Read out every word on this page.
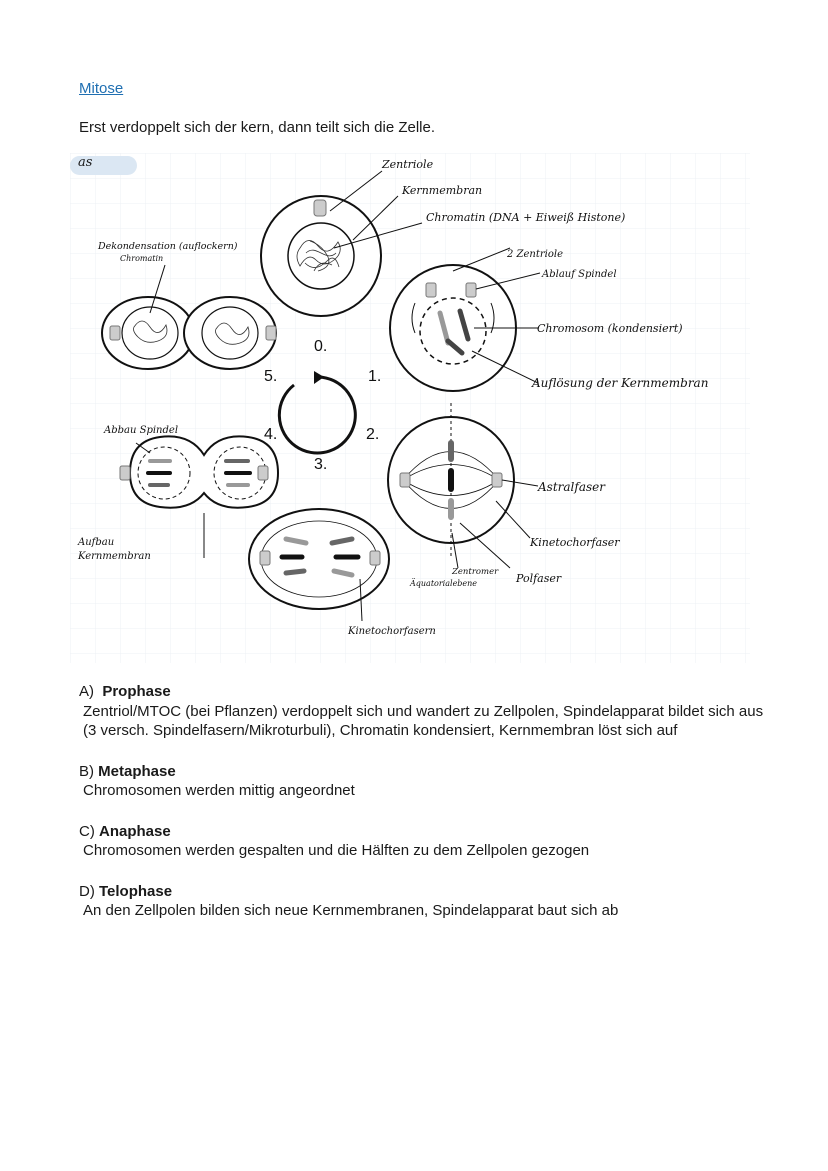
Mitose
Erst verdoppelt sich der kern, dann teilt sich die Zelle.
0.
1.
2.
3.
4.
5.
Zentriole
Kernmembran
Chromatin (DNA + Eiweiß Histone)
2 Zentriole
Ablauf Spindel
Chromosom (kondensiert)
Auflösung der Kernmembran
Dekondensation (auflockern)
Chromatin
Abbau Spindel
Aufbau
Kernmembran
Astralfaser
Kinetochorfaser
Zentromer
Äquatorialebene	Polfaser
Kinetochorfasern
as
A) Prophase
Zentriol/MTOC (bei Pflanzen) verdoppelt sich und wandert zu Zellpolen, Spindelapparat bildet sich aus (3 versch. Spindelfasern/Mikroturbuli), Chromatin kondensiert, Kernmembran löst sich auf
B) Metaphase
Chromosomen werden mittig angeordnet
C) Anaphase
Chromosomen werden gespalten und die Hälften zu dem Zellpolen gezogen
D) Telophase
An den Zellpolen bilden sich neue Kernmembranen, Spindelapparat baut sich ab
